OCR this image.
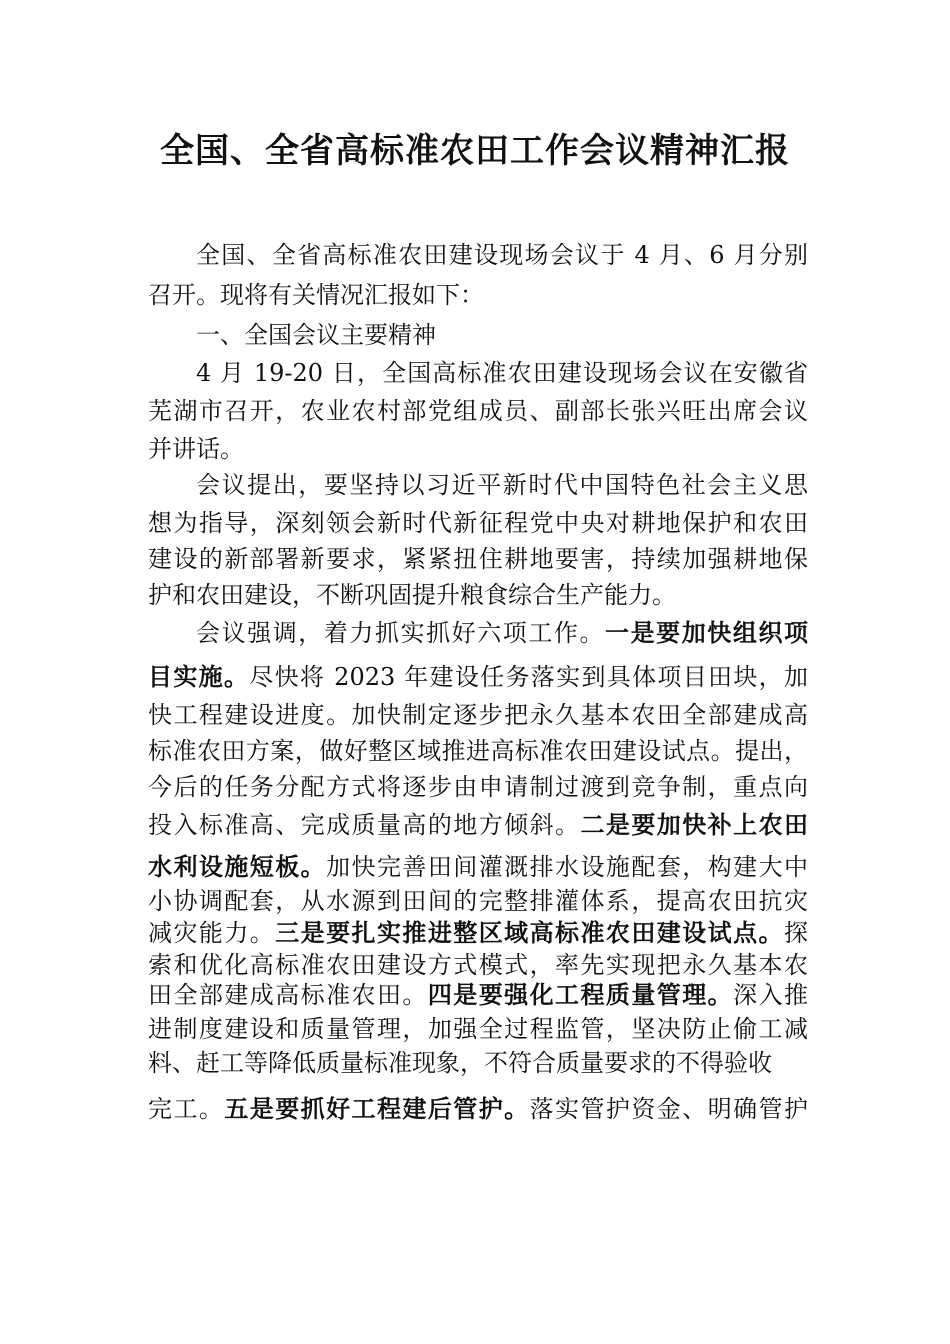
全国、全省高标准农田工作会议精神汇报
全国、全省高标准农田建设现场会议于 4 月、6 月分别
召开。现将有关情况汇报如下：
一、全国会议主要精神
4 月 19-20 日，全国高标准农田建设现场会议在安徽省
芜湖市召开，农业农村部党组成员、副部长张兴旺出席会议
并讲话。
会议提出，要坚持以习近平新时代中国特色社会主义思
想为指导，深刻领会新时代新征程党中央对耕地保护和农田
建设的新部署新要求，紧紧扭住耕地要害，持续加强耕地保
护和农田建设，不断巩固提升粮食综合生产能力。
会议强调，着力抓实抓好六项工作。一是要加快组织项
目实施。尽快将 2023 年建设任务落实到具体项目田块，加
快工程建设进度。加快制定逐步把永久基本农田全部建成高
标准农田方案，做好整区域推进高标准农田建设试点。提出，
今后的任务分配方式将逐步由申请制过渡到竞争制，重点向
投入标准高、完成质量高的地方倾斜。二是要加快补上农田
水利设施短板。加快完善田间灌溉排水设施配套，构建大中
小协调配套，从水源到田间的完整排灌体系，提高农田抗灾
减灾能力。三是要扎实推进整区域高标准农田建设试点。探
索和优化高标准农田建设方式模式，率先实现把永久基本农
田全部建成高标准农田。四是要强化工程质量管理。深入推
进制度建设和质量管理，加强全过程监管，坚决防止偷工减
料、赶工等降低质量标准现象，不符合质量要求的不得验收
完工。五是要抓好工程建后管护。落实管护资金、明确管护
